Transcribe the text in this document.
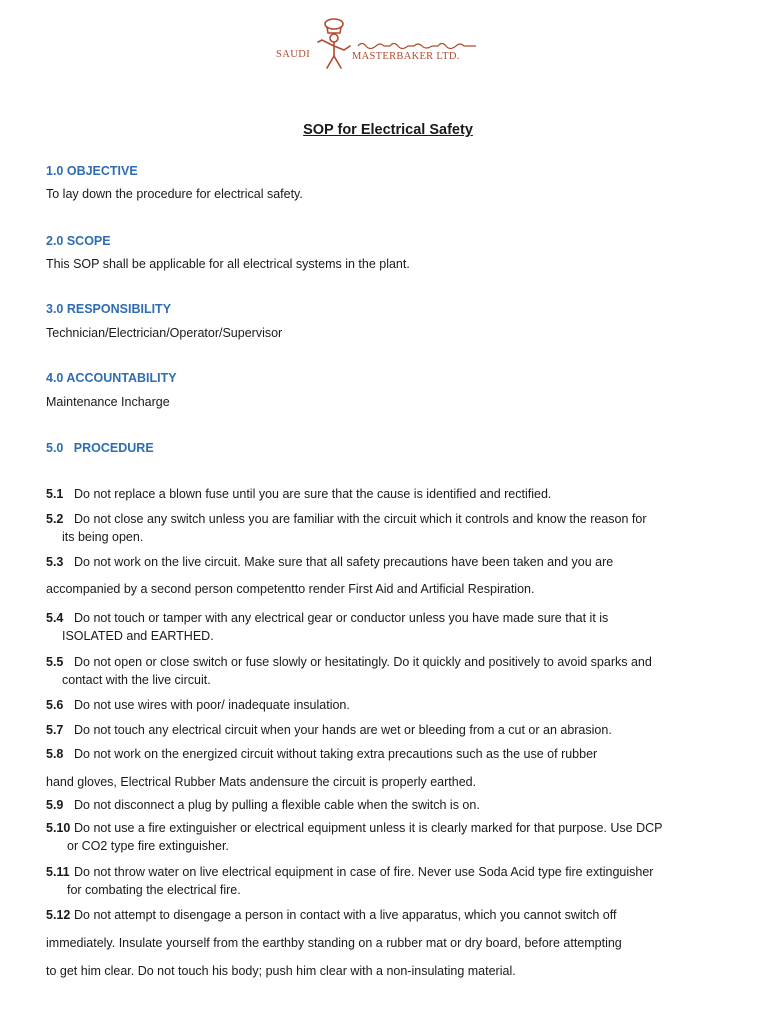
SAUDI	MASTERBAKER LTD.
SOP for Electrical Safety
1.0 OBJECTIVE
To lay down the procedure for electrical safety.
2.0 SCOPE
This SOP shall be applicable for all electrical systems in the plant.
3.0 RESPONSIBILITY
Technician/Electrician/Operator/Supervisor
4.0 ACCOUNTABILITY
Maintenance Incharge
5.0   PROCEDURE
5.1 Do not replace a blown fuse until you are sure that the cause is identified and rectified.
5.2 Do not close any switch unless you are familiar with the circuit which it controls and know the reason for
its being open.
5.3 Do not work on the live circuit. Make sure that all safety precautions have been taken and you are
accompanied by a second person competentto render First Aid and Artificial Respiration.
5.4 Do not touch or tamper with any electrical gear or conductor unless you have made sure that it is
ISOLATED and EARTHED.
5.5 Do not open or close switch or fuse slowly or hesitatingly. Do it quickly and positively to avoid sparks and
contact with the live circuit.
5.6 Do not use wires with poor/ inadequate insulation.
5.7 Do not touch any electrical circuit when your hands are wet or bleeding from a cut or an abrasion.
5.8 Do not work on the energized circuit without taking extra precautions such as the use of rubber
hand gloves, Electrical Rubber Mats andensure the circuit is properly earthed.
5.9 Do not disconnect a plug by pulling a flexible cable when the switch is on.
5.10 Do not use a fire extinguisher or electrical equipment unless it is clearly marked for that purpose. Use DCP
or CO2 type fire extinguisher.
5.11 Do not throw water on live electrical equipment in case of fire. Never use Soda Acid type fire extinguisher
for combating the electrical fire.
5.12 Do not attempt to disengage a person in contact with a live apparatus, which you cannot switch off
immediately. Insulate yourself from the earthby standing on a rubber mat or dry board, before attempting
to get him clear. Do not touch his body; push him clear with a non-insulating material.
